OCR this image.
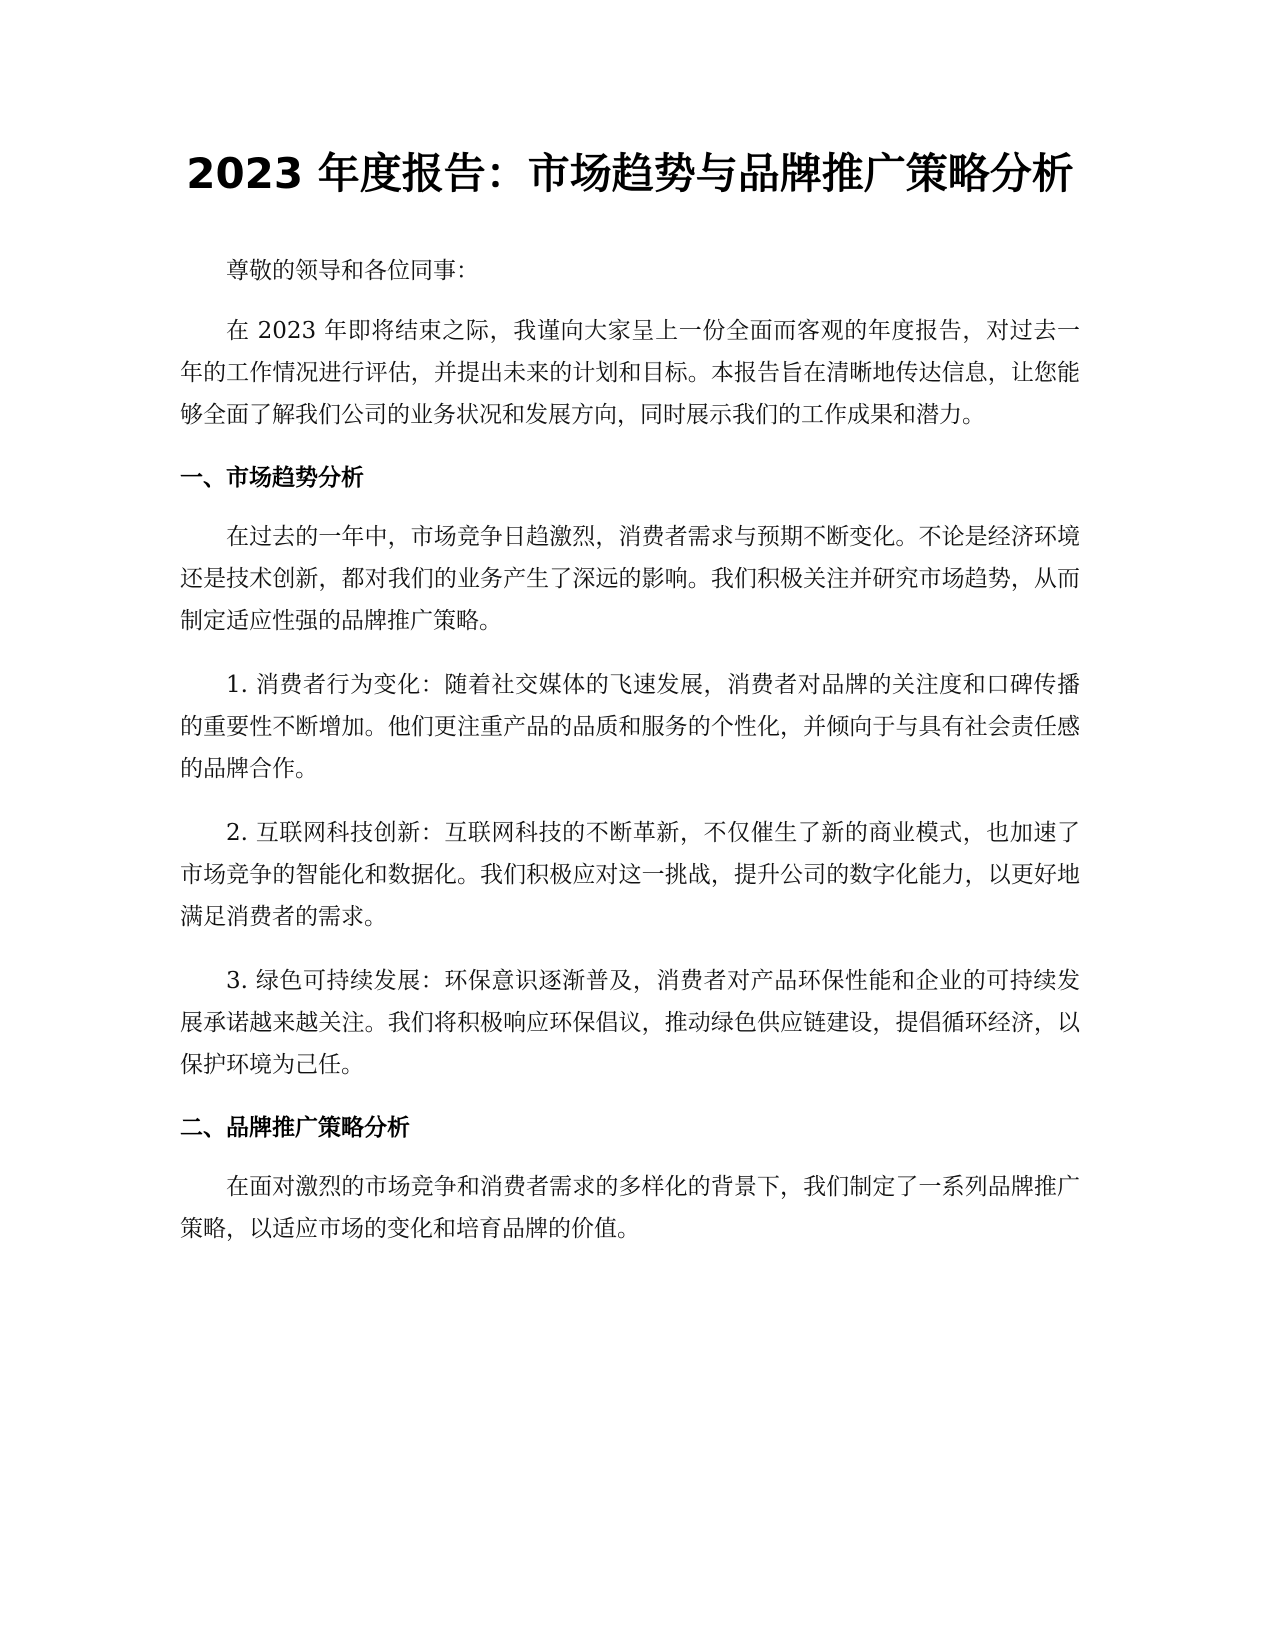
2023 年度报告：市场趋势与品牌推广策略分析

尊敬的领导和各位同事：

在 2023 年即将结束之际，我谨向大家呈上一份全面而客观的年度报告，对过去一年的工作情况进行评估，并提出未来的计划和目标。本报告旨在清晰地传达信息，让您能够全面了解我们公司的业务状况和发展方向，同时展示我们的工作成果和潜力。

一、市场趋势分析

在过去的一年中，市场竞争日趋激烈，消费者需求与预期不断变化。不论是经济环境还是技术创新，都对我们的业务产生了深远的影响。我们积极关注并研究市场趋势，从而制定适应性强的品牌推广策略。

1. 消费者行为变化：随着社交媒体的飞速发展，消费者对品牌的关注度和口碑传播的重要性不断增加。他们更注重产品的品质和服务的个性化，并倾向于与具有社会责任感的品牌合作。

2. 互联网科技创新：互联网科技的不断革新，不仅催生了新的商业模式，也加速了市场竞争的智能化和数据化。我们积极应对这一挑战，提升公司的数字化能力，以更好地满足消费者的需求。

3. 绿色可持续发展：环保意识逐渐普及，消费者对产品环保性能和企业的可持续发展承诺越来越关注。我们将积极响应环保倡议，推动绿色供应链建设，提倡循环经济，以保护环境为己任。

二、品牌推广策略分析

在面对激烈的市场竞争和消费者需求的多样化的背景下，我们制定了一系列品牌推广策略，以适应市场的变化和培育品牌的价值。
